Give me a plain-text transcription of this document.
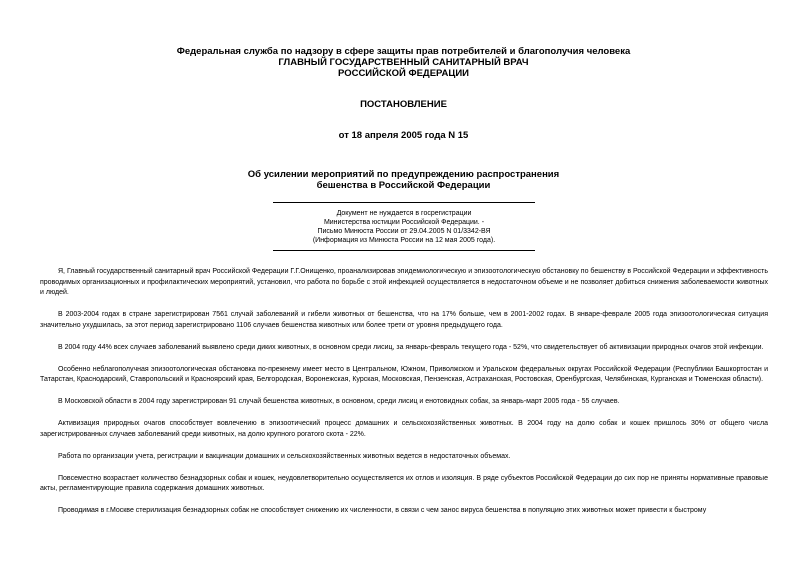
Федеральная служба по надзору в сфере защиты прав потребителей и благополучия человека
ГЛАВНЫЙ ГОСУДАРСТВЕННЫЙ САНИТАРНЫЙ ВРАЧ
РОССИЙСКОЙ ФЕДЕРАЦИИ
ПОСТАНОВЛЕНИЕ
от 18 апреля 2005 года N 15
Об усилении мероприятий по предупреждению распространения
бешенства в Российской Федерации
Документ не нуждается в госрегистрации
Министерства юстиции Российской Федерации. -
Письмо Минюста России от 29.04.2005 N 01/3342-ВЯ
(Информация из Минюста России на 12 мая 2005 года).

Я, Главный государственный санитарный врач Российской Федерации Г.Г.Онищенко, проанализировав эпидемиологическую и эпизоотологическую обстановку по бешенству в Российской Федерации и эффективность проводимых организационных и профилактических мероприятий, установил, что работа по борьбе с этой инфекцией осуществляется в недостаточном объеме и не позволяет добиться снижения заболеваемости животных и людей.

В 2003-2004 годах в стране зарегистрирован 7561 случай заболеваний и гибели животных от бешенства, что на 17% больше, чем в 2001-2002 годах. В январе-феврале 2005 года эпизоотологическая ситуация значительно ухудшилась, за этот период зарегистрировано 1106 случаев бешенства животных или более трети от уровня предыдущего года.

В 2004 году 44% всех случаев заболеваний выявлено среди диких животных, в основном среди лисиц, за январь-февраль текущего года - 52%, что свидетельствует об активизации природных очагов этой инфекции.

Особенно неблагополучная эпизоотологическая обстановка по-прежнему имеет место в Центральном, Южном, Приволжском и Уральском федеральных округах Российской Федерации (Республики Башкортостан и Татарстан, Краснодарский, Ставропольский и Красноярский края, Белгородская, Воронежская, Курская, Московская, Пензенская, Астраханская, Ростовская, Оренбургская, Челябинская, Курганская и Тюменская области).

В Московской области в 2004 году зарегистрирован 91 случай бешенства животных, в основном, среди лисиц и енотовидных собак, за январь-март 2005 года - 55 случаев.

Активизация природных очагов способствует вовлечению в эпизоотический процесс домашних и сельскохозяйственных животных. В 2004 году на долю собак и кошек пришлось 30% от общего числа зарегистрированных случаев заболеваний среди животных, на долю крупного рогатого скота - 22%.

Работа по организации учета, регистрации и вакцинации домашних и сельскохозяйственных животных ведется в недостаточных объемах.

Повсеместно возрастает количество безнадзорных собак и кошек, неудовлетворительно осуществляется их отлов и изоляция. В ряде субъектов Российской Федерации до сих пор не приняты нормативные правовые акты, регламентирующие правила содержания домашних животных.

Проводимая в г.Москве стерилизация безнадзорных собак не способствует снижению их численности, в связи с чем занос вируса бешенства в популяцию этих животных может привести к быстрому
